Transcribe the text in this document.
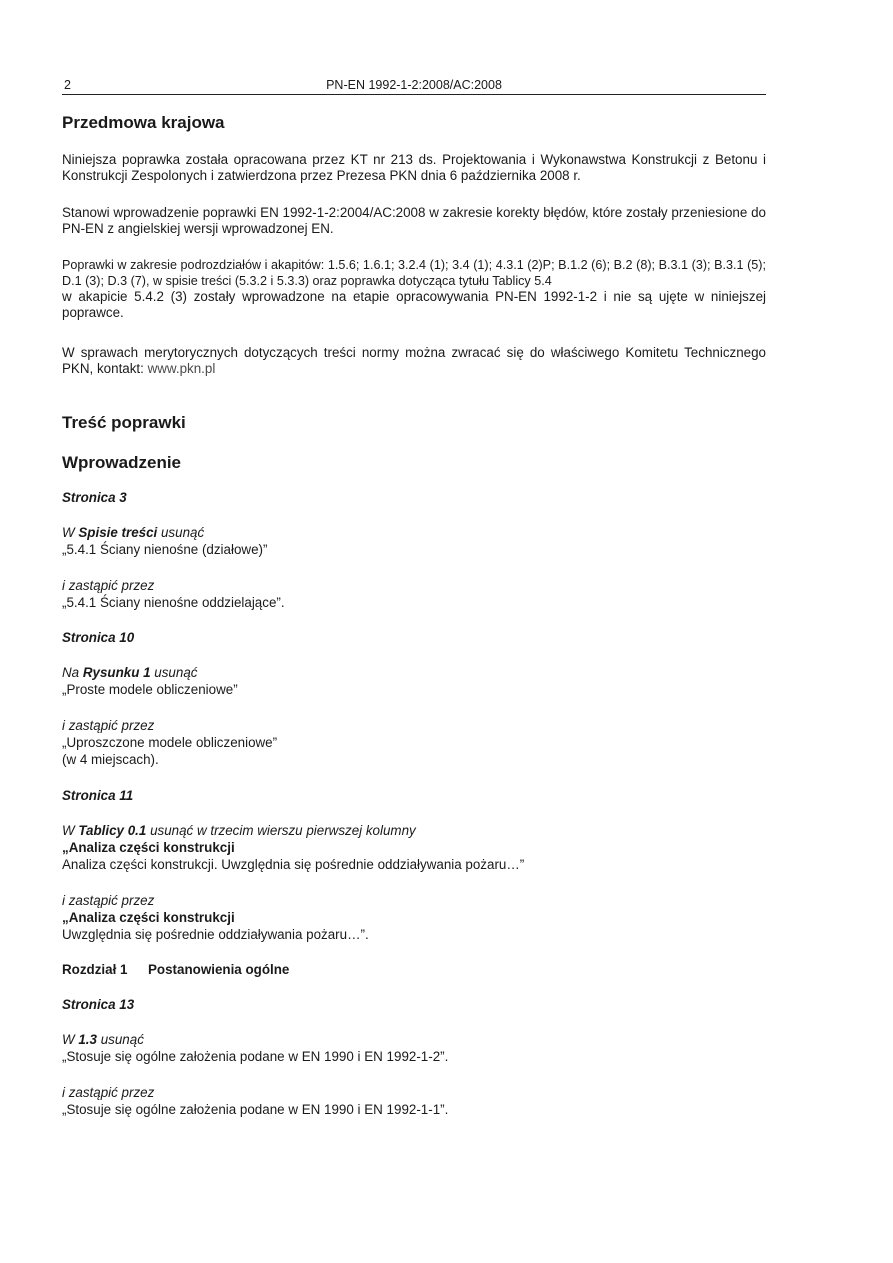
2	PN-EN 1992-1-2:2008/AC:2008
Przedmowa krajowa

Niniejsza poprawka została opracowana przez KT nr 213 ds. Projektowania i Wykonawstwa Konstrukcji z Betonu i Konstrukcji Zespolonych i zatwierdzona przez Prezesa PKN dnia 6 października 2008 r.

Stanowi wprowadzenie poprawki EN 1992-1-2:2004/AC:2008 w zakresie korekty błędów, które zostały przeniesione do PN-EN z angielskiej wersji wprowadzonej EN.

Poprawki w zakresie podrozdziałów i akapitów: 1.5.6; 1.6.1; 3.2.4 (1); 3.4 (1); 4.3.1 (2)P; B.1.2 (6); B.2 (8); B.3.1 (3); B.3.1 (5); D.1 (3); D.3 (7), w spisie treści (5.3.2 i 5.3.3) oraz poprawka dotycząca tytułu Tablicy 5.4

w akapicie 5.4.2 (3) zostały wprowadzone na etapie opracowywania PN-EN 1992-1-2 i nie są ujęte w niniejszej poprawce.

W sprawach merytorycznych dotyczących treści normy można zwracać się do właściwego Komitetu Technicznego PKN, kontakt: www.pkn.pl

Treść poprawki
Wprowadzenie
Stronica 3
W Spisie treści usunąć
„5.4.1 Ściany nienośne (działowe)”
i zastąpić przez
„5.4.1 Ściany nienośne oddzielające”.
Stronica 10
Na Rysunku 1 usunąć
„Proste modele obliczeniowe”
i zastąpić przez
„Uproszczone modele obliczeniowe”
(w 4 miejscach).
Stronica 11
W Tablicy 0.1 usunąć w trzecim wierszu pierwszej kolumny
„Analiza części konstrukcji
Analiza części konstrukcji. Uwzględnia się pośrednie oddziaływania pożaru…”
i zastąpić przez
„Analiza części konstrukcji
Uwzględnia się pośrednie oddziaływania pożaru…”.
Rozdział 1 Postanowienia ogólne
Stronica 13
W 1.3 usunąć
„Stosuje się ogólne założenia podane w EN 1990 i EN 1992-1-2”.
i zastąpić przez
„Stosuje się ogólne założenia podane w EN 1990 i EN 1992-1-1”.
